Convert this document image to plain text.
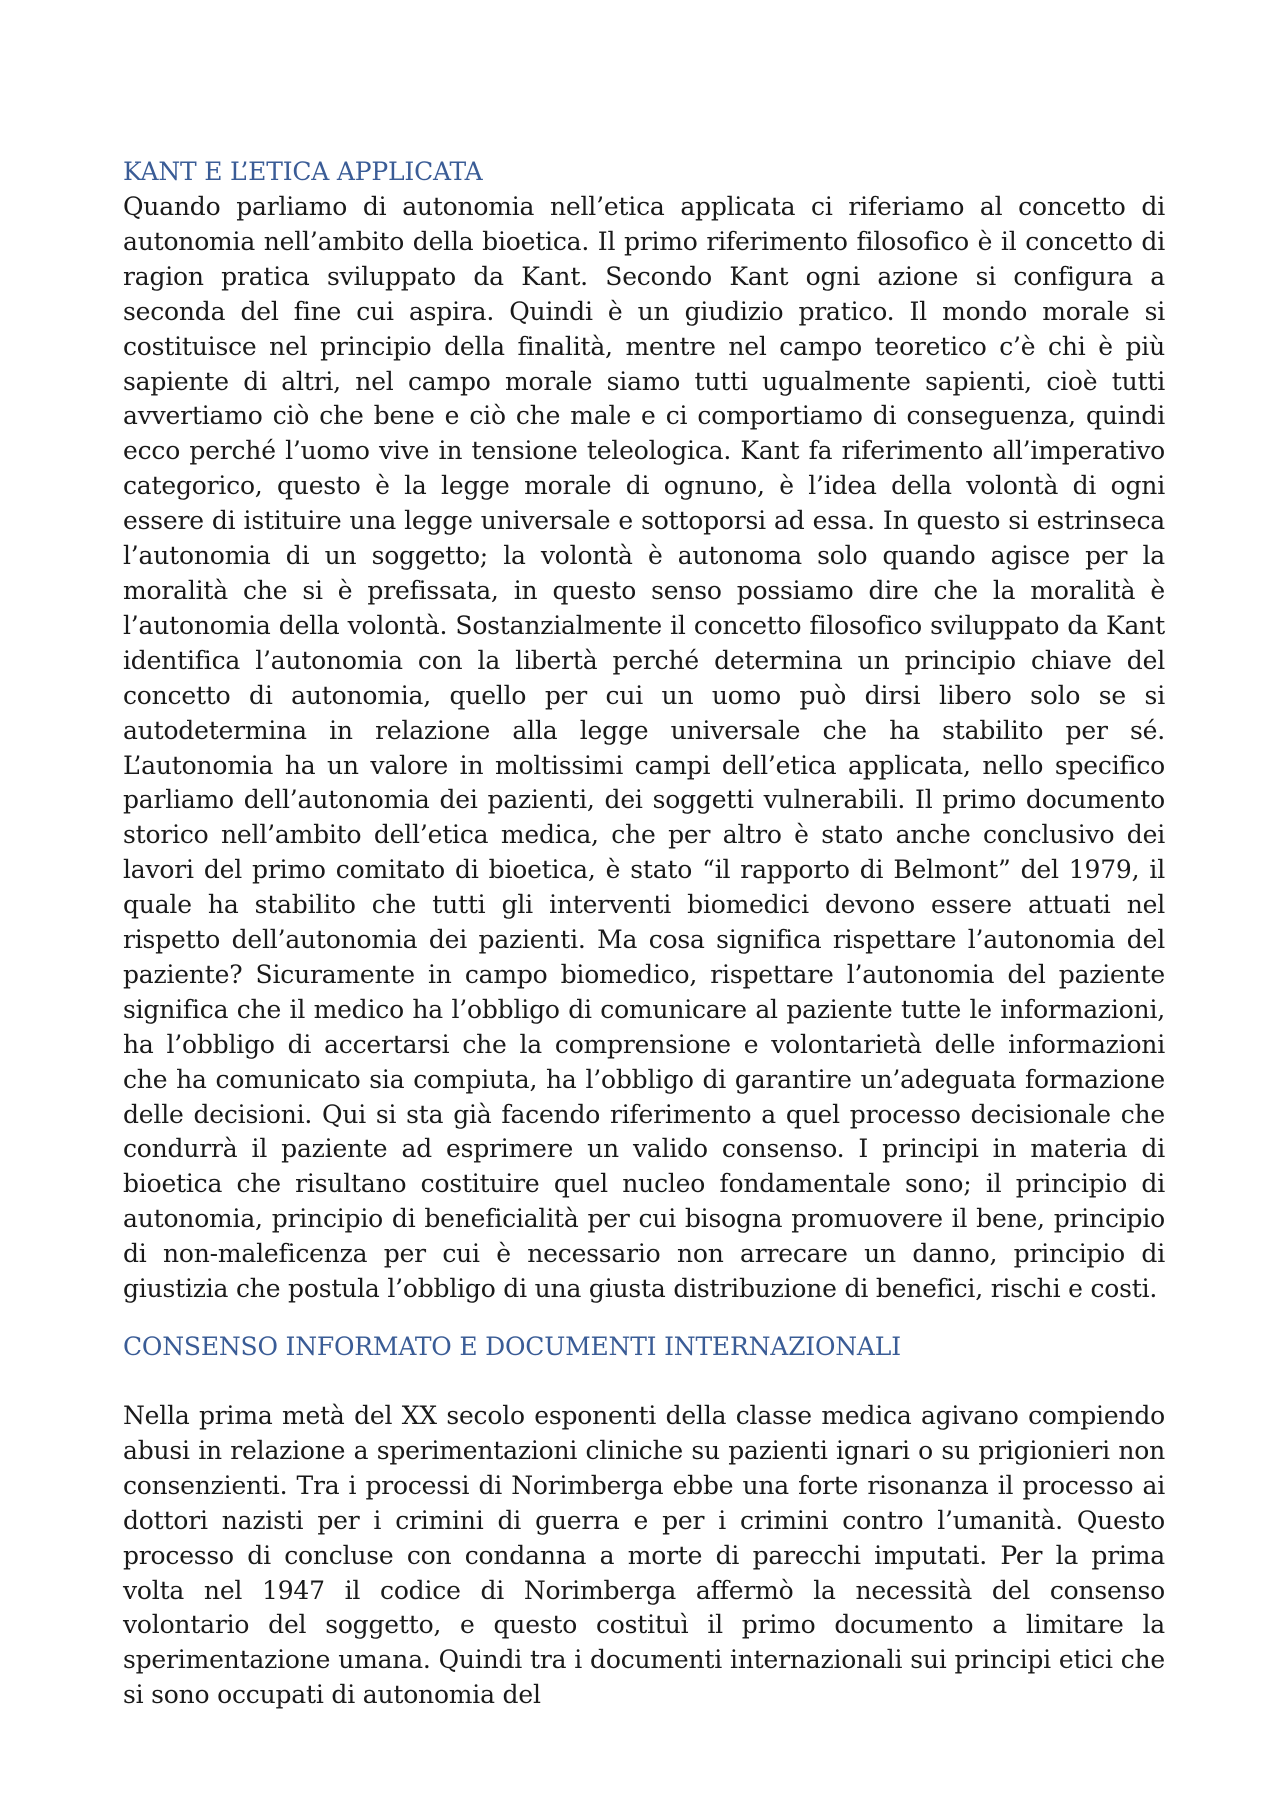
KANT E L’ETICA APPLICATA

Quando parliamo di autonomia nell’etica applicata ci riferiamo al concetto di autonomia nell’ambito della bioetica. Il primo riferimento filosofico è il concetto di ragion pratica sviluppato da Kant. Secondo Kant ogni azione si configura a seconda del fine cui aspira. Quindi è un giudizio pratico. Il mondo morale si costituisce nel principio della finalità, mentre nel campo teoretico c’è chi è più sapiente di altri, nel campo morale siamo tutti ugualmente sapienti, cioè tutti avvertiamo ciò che bene e ciò che male e ci comportiamo di conseguenza, quindi ecco perché l’uomo vive in tensione teleologica. Kant fa riferimento all’imperativo categorico, questo è la legge morale di ognuno, è l’idea della volontà di ogni essere di istituire una legge universale e sottoporsi ad essa. In questo si estrinseca l’autonomia di un soggetto; la volontà è autonoma solo quando agisce per la moralità che si è prefissata, in questo senso possiamo dire che la moralità è l’autonomia della volontà. Sostanzialmente il concetto filosofico sviluppato da Kant identifica l’autonomia con la libertà perché determina un principio chiave del concetto di autonomia, quello per cui un uomo può dirsi libero solo se si autodetermina in relazione alla legge universale che ha stabilito per sé. L’autonomia ha un valore in moltissimi campi dell’etica applicata, nello specifico parliamo dell’autonomia dei pazienti, dei soggetti vulnerabili. Il primo documento storico nell’ambito dell’etica medica, che per altro è stato anche conclusivo dei lavori del primo comitato di bioetica, è stato “il rapporto di Belmont” del 1979, il quale ha stabilito che tutti gli interventi biomedici devono essere attuati nel rispetto dell’autonomia dei pazienti. Ma cosa significa rispettare l’autonomia del paziente? Sicuramente in campo biomedico, rispettare l’autonomia del paziente significa che il medico ha l’obbligo di comunicare al paziente tutte le informazioni, ha l’obbligo di accertarsi che la comprensione e volontarietà delle informazioni che ha comunicato sia compiuta, ha l’obbligo di garantire un’adeguata formazione delle decisioni. Qui si sta già facendo riferimento a quel processo decisionale che condurrà il paziente ad esprimere un valido consenso. I principi in materia di bioetica che risultano costituire quel nucleo fondamentale sono; il principio di autonomia, principio di beneficialità per cui bisogna promuovere il bene, principio di non-maleficenza per cui è necessario non arrecare un danno, principio di giustizia che postula l’obbligo di una giusta distribuzione di benefici, rischi e costi.

CONSENSO INFORMATO E DOCUMENTI INTERNAZIONALI

Nella prima metà del XX secolo esponenti della classe medica agivano compiendo abusi in relazione a sperimentazioni cliniche su pazienti ignari o su prigionieri non consenzienti. Tra i processi di Norimberga ebbe una forte risonanza il processo ai dottori nazisti per i crimini di guerra e per i crimini contro l’umanità. Questo processo di concluse con condanna a morte di parecchi imputati. Per la prima volta nel 1947 il codice di Norimberga affermò la necessità del consenso volontario del soggetto, e questo costituì il primo documento a limitare la sperimentazione umana. Quindi tra i documenti internazionali sui principi etici che si sono occupati di autonomia del
